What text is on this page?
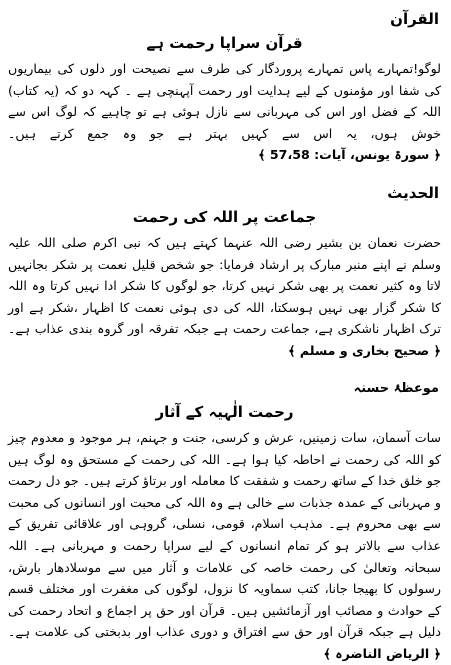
القرآن
قرآن سراپا رحمت ہے

لوگو!تمہارے پاس تمہارے پروردگار کی طرف سے نصیحت اور دلوں کی بیماریوں کی شفا اور مؤمنوں کے لیے ہدایت اور رحمت آپہنچی ہے ۔ کہہ دو کہ (یہ کتاب) اللہ کے فضل اور اس کی مہربانی سے نازل ہوئی ہے تو چاہیے کہ لوگ اس سے خوش ہوں، یہ اس سے کہیں بہتر ہے جو وہ جمع کرتے ہیں۔ ﴿ سورۃ یونس، آیات: 57،58 ﴾

الحدیث
جماعت پر اللہ کی رحمت

حضرت نعمان بن بشیر رضی اللہ عنہما کہتے ہیں کہ نبی اکرم صلی اللہ علیہ وسلم نے اپنے منبر مبارک پر ارشاد فرمایا: جو شخص قلیل نعمت پر شکر بجانہیں لاتا وہ کثیر نعمت پر بھی شکر نہیں کرتا، جو لوگوں کا شکر ادا نہیں کرتا وہ اللہ کا شکر گزار بھی نہیں ہوسکتا، اللہ کی دی ہوئی نعمت کا اظہار ،شکر ہے اور ترک اظہار ناشکری ہے، جماعت رحمت ہے جبکہ تفرقہ اور گروہ بندی عذاب ہے۔ ﴿ صحیح بخاری و مسلم ﴾

موعظۂ حسنہ
رحمت الٰہیہ کے آثار

سات آسمان، سات زمینیں، عرش و کرسی، جنت و جہنم، ہر موجود و معدوم چیز کو اللہ کی رحمت نے احاطہ کیا ہوا ہے۔ اللہ کی رحمت کے مستحق وہ لوگ ہیں جو خلق خدا کے ساتھ رحمت و شفقت کا معاملہ اور برتاؤ کرتے ہیں۔ جو دل رحمت و مہربانی کے عمدہ جذبات سے خالی ہے وہ اللہ کی محبت اور انسانوں کی محبت سے بھی محروم ہے۔ مذہب اسلام، قومی، نسلی، گروہی اور علاقائی تفریق کے عذاب سے بالاتر ہو کر تمام انسانوں کے لیے سراپا رحمت و مہربانی ہے۔ اللہ سبحانہ وتعالیٰ کی رحمت خاصہ کی علامات و آثار میں سے موسلادھار بارش، رسولوں کا بھیجا جانا، کتب سماویہ کا نزول، لوگوں کی مغفرت اور مختلف قسم کے حوادث و مصائب اور آزمائشیں ہیں۔ قرآن اور حق پر اجماع و اتحاد رحمت کی دلیل ہے جبکہ قرآن اور حق سے افتراق و دوری عذاب اور بدبختی کی علامت ہے۔ ﴿ الریاض الناضرہ ﴾
